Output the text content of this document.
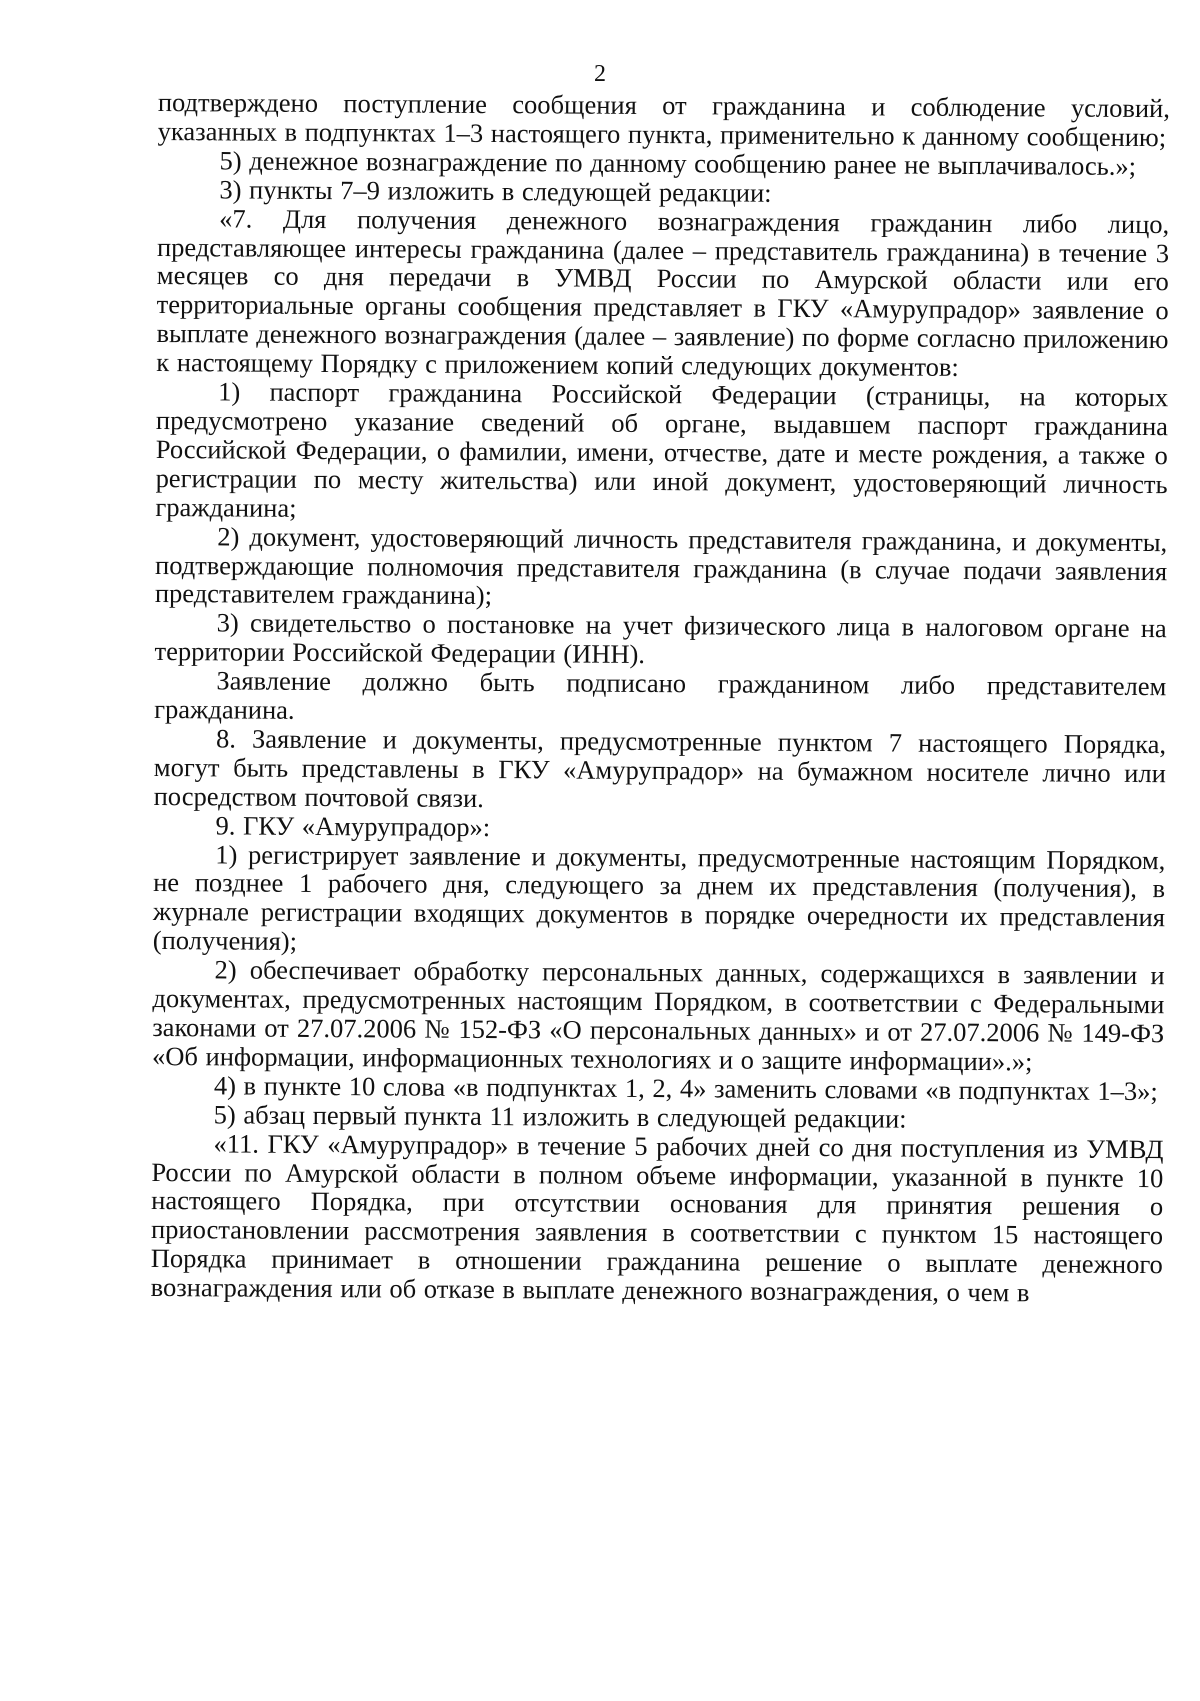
2

подтверждено поступление сообщения от гражданина и соблюдение условий, указанных в подпунктах 1–3 настоящего пункта, применительно к данному сообщению;

5) денежное вознаграждение по данному сообщению ранее не выплачивалось.»;

3) пункты 7–9 изложить в следующей редакции:

«7. Для получения денежного вознаграждения гражданин либо лицо, представляющее интересы гражданина (далее – представитель гражданина) в течение 3 месяцев со дня передачи в УМВД России по Амурской области или его территориальные органы сообщения представляет в ГКУ «Амурупрадор» заявление о выплате денежного вознаграждения (далее – заявление) по форме согласно приложению к настоящему Порядку с приложением копий следующих документов:

1) паспорт гражданина Российской Федерации (страницы, на которых предусмотрено указание сведений об органе, выдавшем паспорт гражданина Российской Федерации, о фамилии, имени, отчестве, дате и месте рождения, а также о регистрации по месту жительства) или иной документ, удостоверяющий личность гражданина;

2) документ, удостоверяющий личность представителя гражданина, и документы, подтверждающие полномочия представителя гражданина (в случае подачи заявления представителем гражданина);

3) свидетельство о постановке на учет физического лица в налоговом органе на территории Российской Федерации (ИНН).

Заявление должно быть подписано гражданином либо представителем гражданина.

8. Заявление и документы, предусмотренные пунктом 7 настоящего Порядка, могут быть представлены в ГКУ «Амурупрадор» на бумажном носителе лично или посредством почтовой связи.

9. ГКУ «Амурупрадор»:

1) регистрирует заявление и документы, предусмотренные настоящим Порядком, не позднее 1 рабочего дня, следующего за днем их представления (получения), в журнале регистрации входящих документов в порядке очередности их представления (получения);

2) обеспечивает обработку персональных данных, содержащихся в заявлении и документах, предусмотренных настоящим Порядком, в соответствии с Федеральными законами от 27.07.2006 № 152-ФЗ «О персональных данных» и от 27.07.2006 № 149-ФЗ «Об информации, информационных технологиях и о защите информации».»;

4) в пункте 10 слова «в подпунктах 1, 2, 4» заменить словами «в подпунктах 1–3»;

5) абзац первый пункта 11 изложить в следующей редакции:

«11. ГКУ «Амурупрадор» в течение 5 рабочих дней со дня поступления из УМВД России по Амурской области в полном объеме информации, указанной в пункте 10 настоящего Порядка, при отсутствии основания для принятия решения о приостановлении рассмотрения заявления в соответствии с пунктом 15 настоящего Порядка принимает в отношении гражданина решение о выплате денежного вознаграждения или об отказе в выплате денежного вознаграждения, о чем в
